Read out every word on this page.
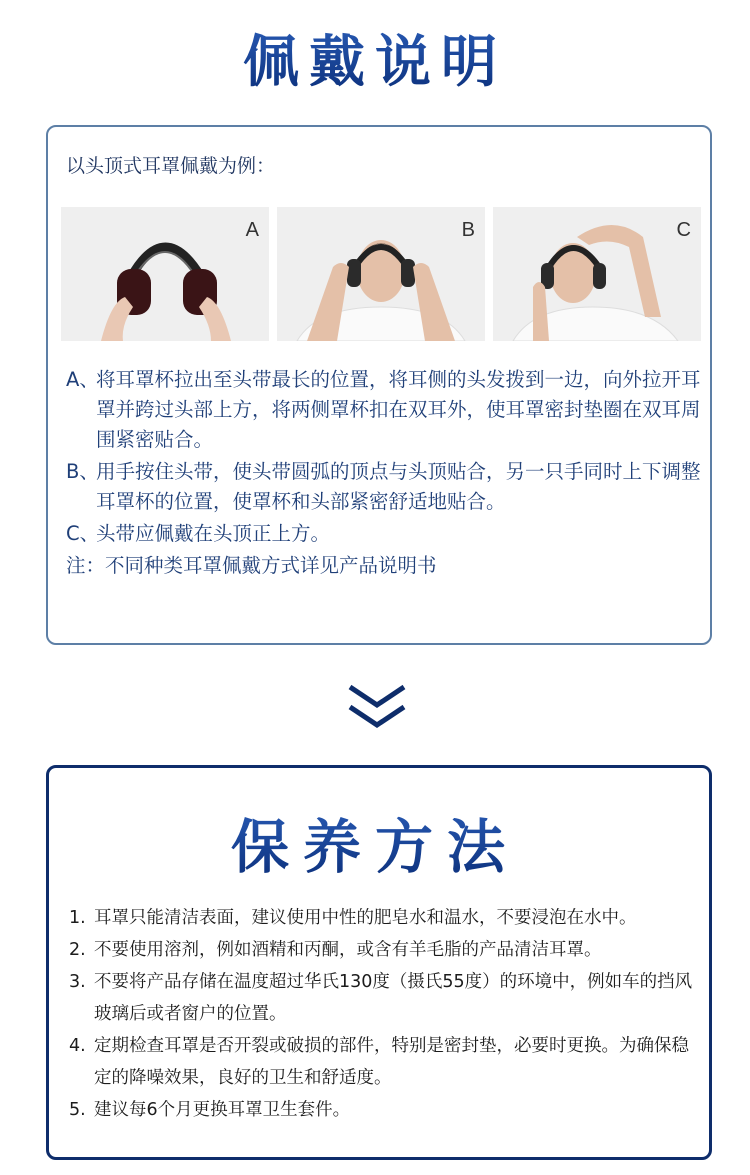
佩戴说明
以头顶式耳罩佩戴为例：
A	B	C
A、
将耳罩杯拉出至头带最长的位置，将耳侧的头发拨到一边，向外拉开耳罩并跨过头部上方，将两侧罩杯扣在双耳外，使耳罩密封垫圈在双耳周围紧密贴合。
B、
用手按住头带，使头带圆弧的顶点与头顶贴合，另一只手同时上下调整耳罩杯的位置，使罩杯和头部紧密舒适地贴合。
C、
头带应佩戴在头顶正上方。
注：不同种类耳罩佩戴方式详见产品说明书
保养方法
1. 耳罩只能清洁表面，建议使用中性的肥皂水和温水，不要浸泡在水中。
2. 不要使用溶剂，例如酒精和丙酮，或含有羊毛脂的产品清洁耳罩。
3. 不要将产品存储在温度超过华氏130度（摄氏55度）的环境中，例如车的挡风玻璃后或者窗户的位置。
4. 定期检查耳罩是否开裂或破损的部件，特别是密封垫，必要时更换。为确保稳定的降噪效果，良好的卫生和舒适度。
5. 建议每6个月更换耳罩卫生套件。
